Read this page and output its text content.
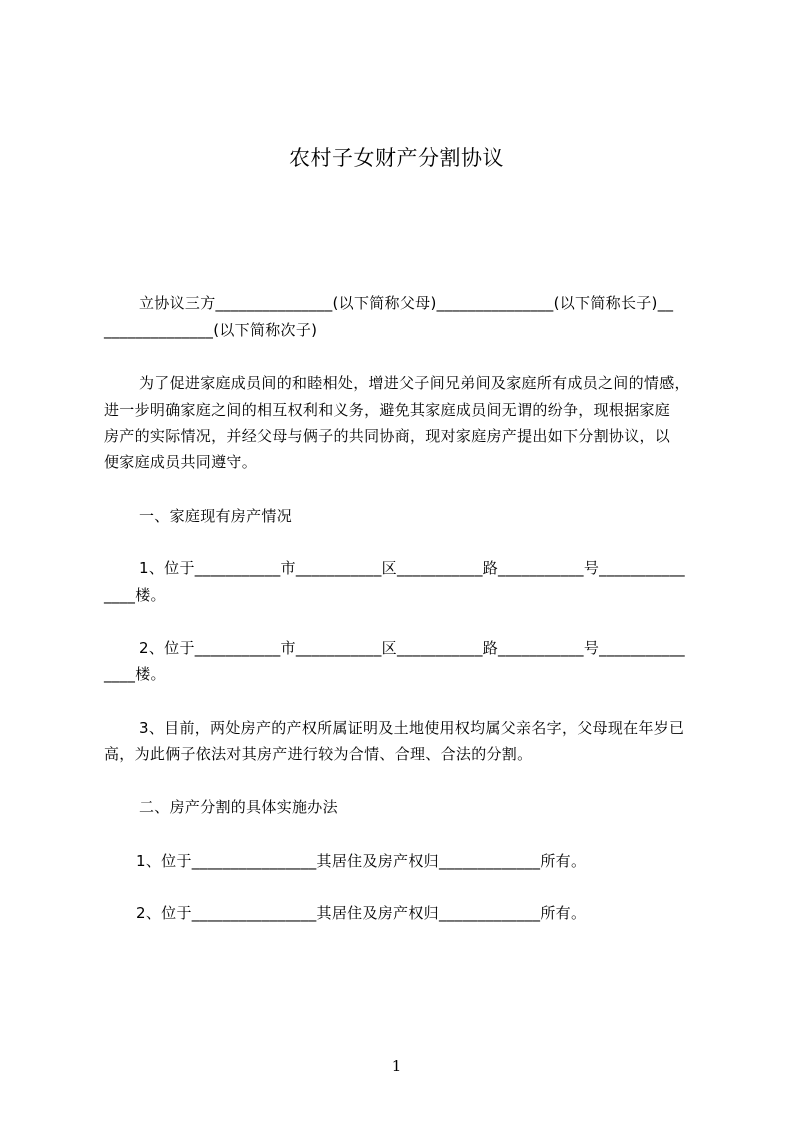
农村子女财产分割协议
立协议三方_______________(以下简称父母)_______________(以下简称长子)__
______________(以下简称次子)
为了促进家庭成员间的和睦相处，增进父子间兄弟间及家庭所有成员之间的情感，
进一步明确家庭之间的相互权利和义务，避免其家庭成员间无谓的纷争，现根据家庭
房产的实际情况，并经父母与俩子的共同协商，现对家庭房产提出如下分割协议，以
便家庭成员共同遵守。
一、家庭现有房产情况
1、位于___________市___________区___________路___________号___________
____楼。
2、位于___________市___________区___________路___________号___________
____楼。
3、目前，两处房产的产权所属证明及土地使用权均属父亲名字，父母现在年岁已
高，为此俩子依法对其房产进行较为合情、合理、合法的分割。
二、房产分割的具体实施办法
1、位于________________其居住及房产权归_____________所有。
2、位于________________其居住及房产权归_____________所有。
1
